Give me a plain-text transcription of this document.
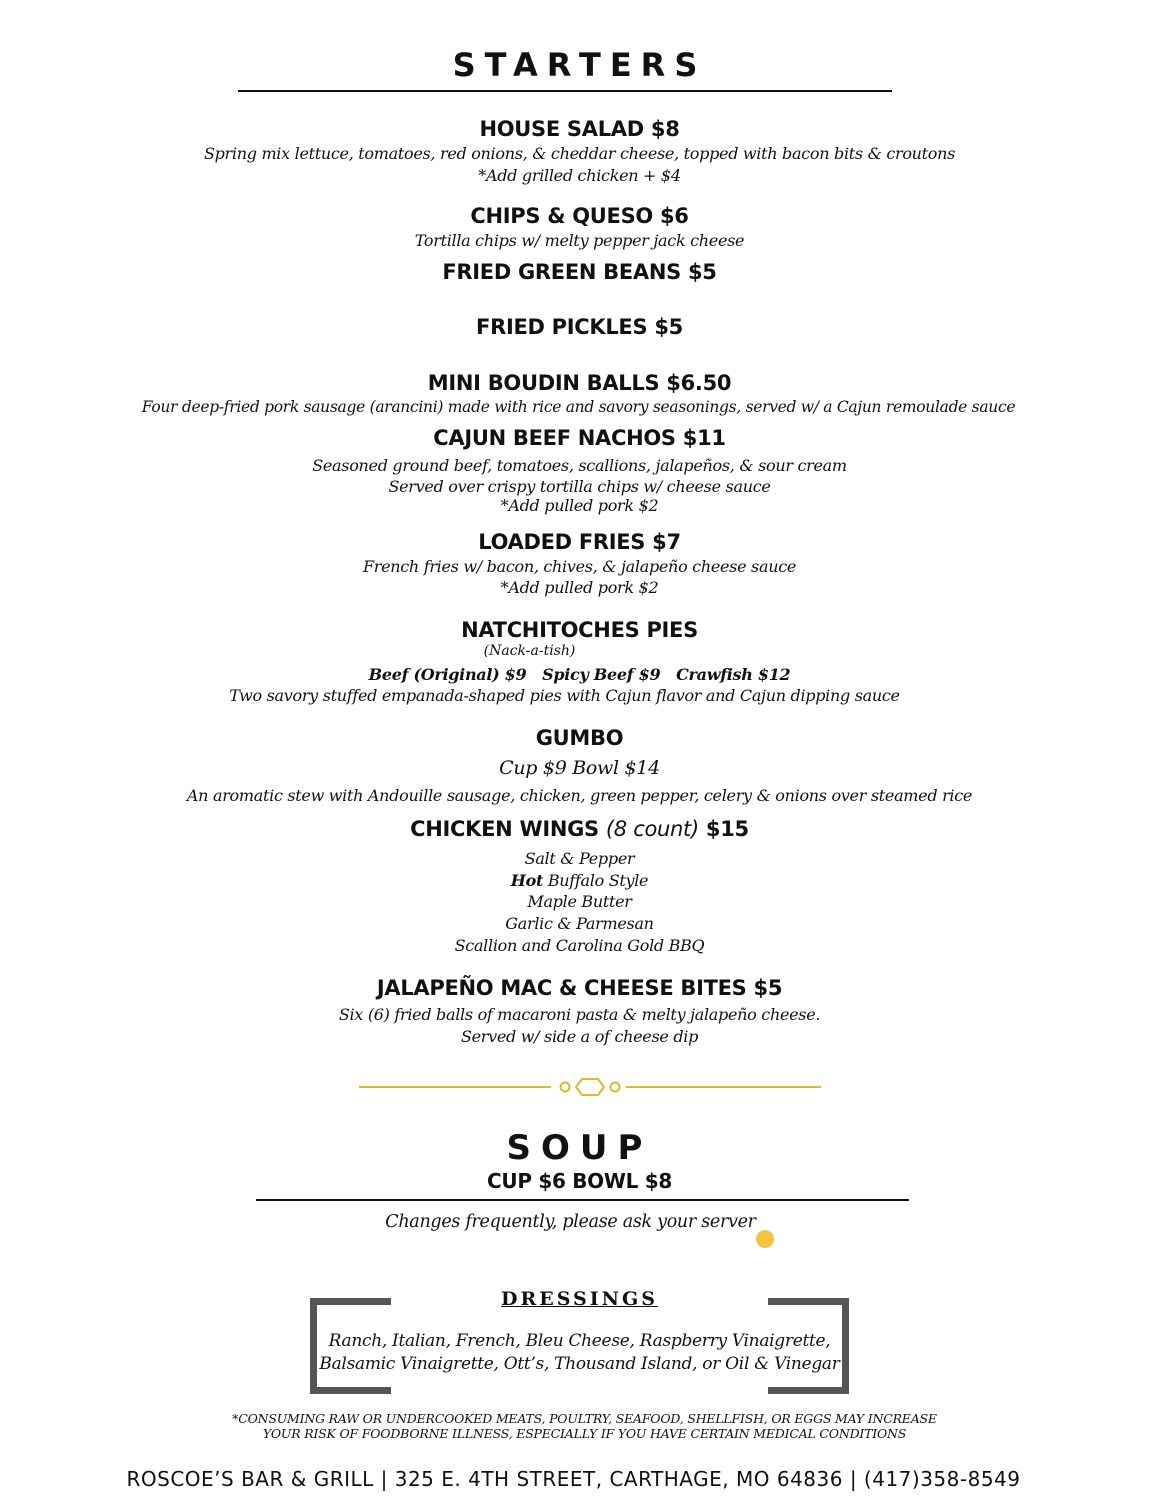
STARTERS
HOUSE SALAD $8
Spring mix lettuce, tomatoes, red onions, & cheddar cheese, topped with bacon bits & croutons
*Add grilled chicken + $4
CHIPS & QUESO $6
Tortilla chips w/ melty pepper jack cheese
FRIED GREEN BEANS $5
FRIED PICKLES $5
MINI BOUDIN BALLS $6.50
Four deep-fried pork sausage (arancini) made with rice and savory seasonings, served w/ a Cajun remoulade sauce
CAJUN BEEF NACHOS $11
Seasoned ground beef, tomatoes, scallions, jalapeños, & sour cream
Served over crispy tortilla chips w/ cheese sauce
*Add pulled pork $2
LOADED FRIES $7
French fries w/ bacon, chives, & jalapeño cheese sauce
*Add pulled pork $2
NATCHITOCHES PIES
(Nack-a-tish)
Beef (Original) $9 Spicy Beef $9 Crawfish $12
Two savory stuffed empanada-shaped pies with Cajun flavor and Cajun dipping sauce
GUMBO
Cup $9 Bowl $14
An aromatic stew with Andouille sausage, chicken, green pepper, celery & onions over steamed rice
CHICKEN WINGS (8 count) $15
Salt & Pepper
Hot Buffalo Style
Maple Butter
Garlic & Parmesan
Scallion and Carolina Gold BBQ
JALAPEÑO MAC & CHEESE BITES $5
Six (6) fried balls of macaroni pasta & melty jalapeño cheese.
Served w/ side a of cheese dip
SOUP
CUP $6 BOWL $8
Changes frequently, please ask your server
DRESSINGS
Ranch, Italian, French, Bleu Cheese, Raspberry Vinaigrette,
Balsamic Vinaigrette, Ott’s, Thousand Island, or Oil & Vinegar
*CONSUMING RAW OR UNDERCOOKED MEATS, POULTRY, SEAFOOD, SHELLFISH, OR EGGS MAY INCREASE
YOUR RISK OF FOODBORNE ILLNESS, ESPECIALLY IF YOU HAVE CERTAIN MEDICAL CONDITIONS
ROSCOE’S BAR & GRILL | 325 E. 4TH STREET, CARTHAGE, MO 64836 | (417)358-8549
